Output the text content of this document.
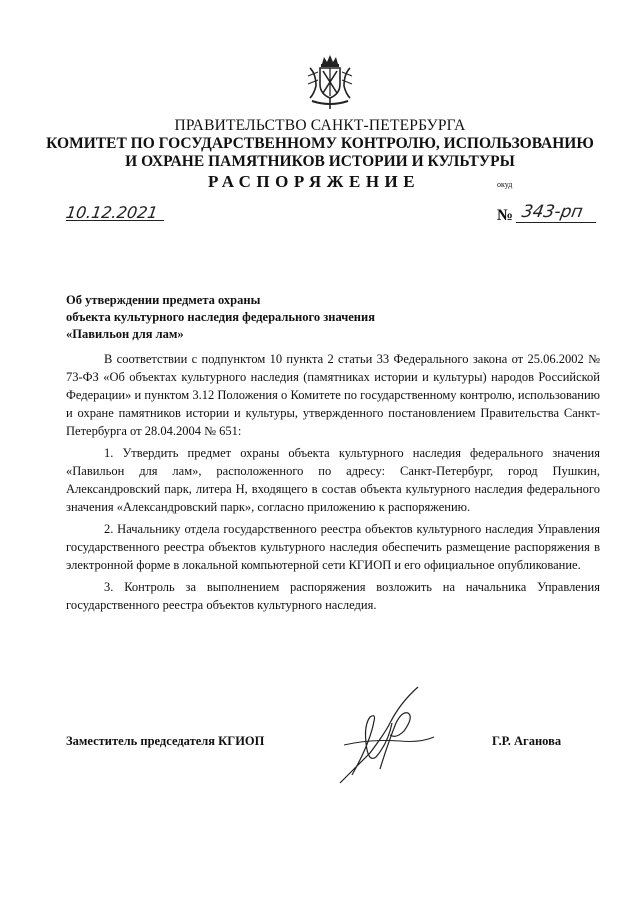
ПРАВИТЕЛЬСТВО САНКТ-ПЕТЕРБУРГА
КОМИТЕТ ПО ГОСУДАРСТВЕННОМУ КОНТРОЛЮ, ИСПОЛЬЗОВАНИЮ
И ОХРАНЕ ПАМЯТНИКОВ ИСТОРИИ И КУЛЬТУРЫ
РАСПОРЯЖЕНИЕ	окуд
10.12.2021	№ 343-рп
Об утверждении предмета охраны
объекта культурного наследия федерального значения
«Павильон для лам»

В соответствии с подпунктом 10 пункта 2 статьи 33 Федерального закона от 25.06.2002 № 73-ФЗ «Об объектах культурного наследия (памятниках истории и культуры) народов Российской Федерации» и пунктом 3.12 Положения о Комитете по государственному контролю, использованию и охране памятников истории и культуры, утвержденного постановлением Правительства Санкт-Петербурга от 28.04.2004 № 651:

1. Утвердить предмет охраны объекта культурного наследия федерального значения «Павильон для лам», расположенного по адресу: Санкт-Петербург, город Пушкин, Александровский парк, литера Н, входящего в состав объекта культурного наследия федерального значения «Александровский парк», согласно приложению к распоряжению.

2. Начальнику отдела государственного реестра объектов культурного наследия Управления государственного реестра объектов культурного наследия обеспечить размещение распоряжения в электронной форме в локальной компьютерной сети КГИОП и его официальное опубликование.

3. Контроль за выполнением распоряжения возложить на начальника Управления государственного реестра объектов культурного наследия.

Заместитель председателя КГИОП	Г.Р. Аганова
